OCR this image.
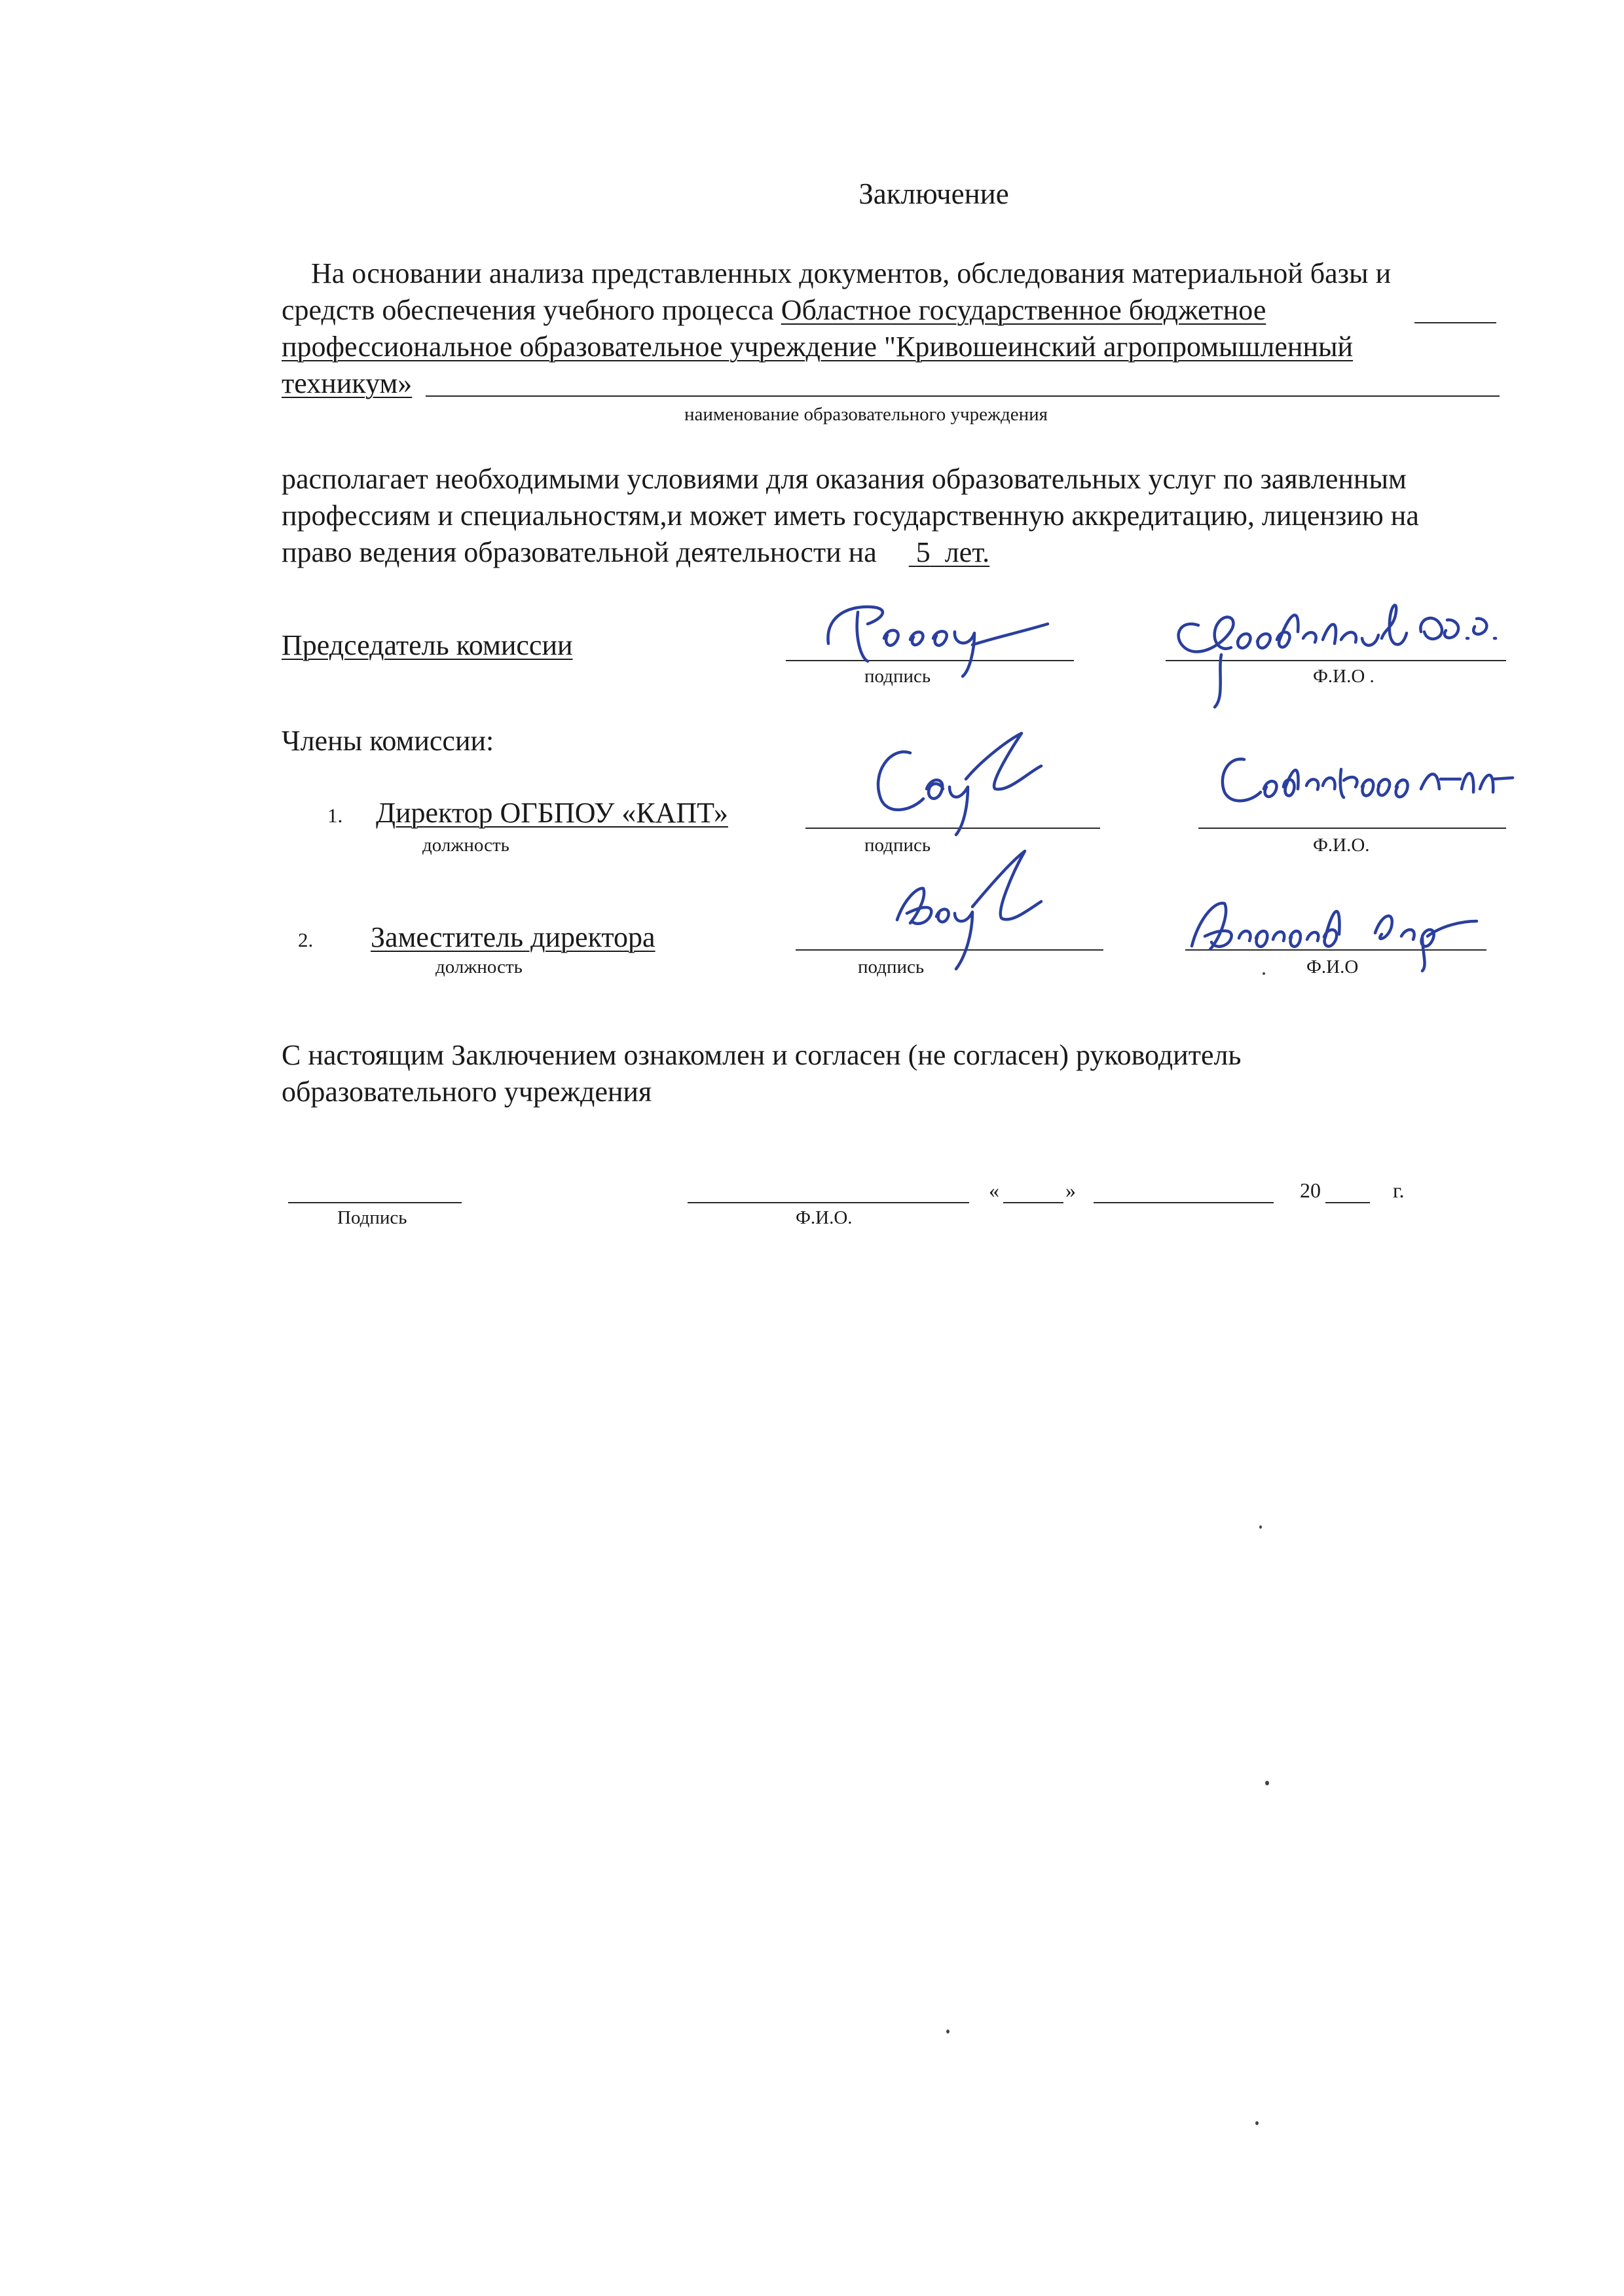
Заключение
На основании анализа представленных документов, обследования материальной базы и
средств обеспечения учебного процесса Областное государственное бюджетное
профессиональное образовательное учреждение "Кривошеинский агропромышленный
техникум»
наименование образовательного учреждения
располагает необходимыми условиями для оказания образовательных услуг по заявленным
профессиям и специальностям,и может иметь государственную аккредитацию, лицензию на
право ведения образовательной деятельности на 5 лет.
Председатель комиссии
подпись	Ф.И.О .
Члены комиссии:
1. Директор ОГБПОУ «КАПТ»
должность	подпись	Ф.И.О.
2. Заместитель директора
должность	подпись	Ф.И.О
С настоящим Заключением ознакомлен и согласен (не согласен) руководитель
образовательного учреждения
Подпись	Ф.И.О.
«	»	20	г.
